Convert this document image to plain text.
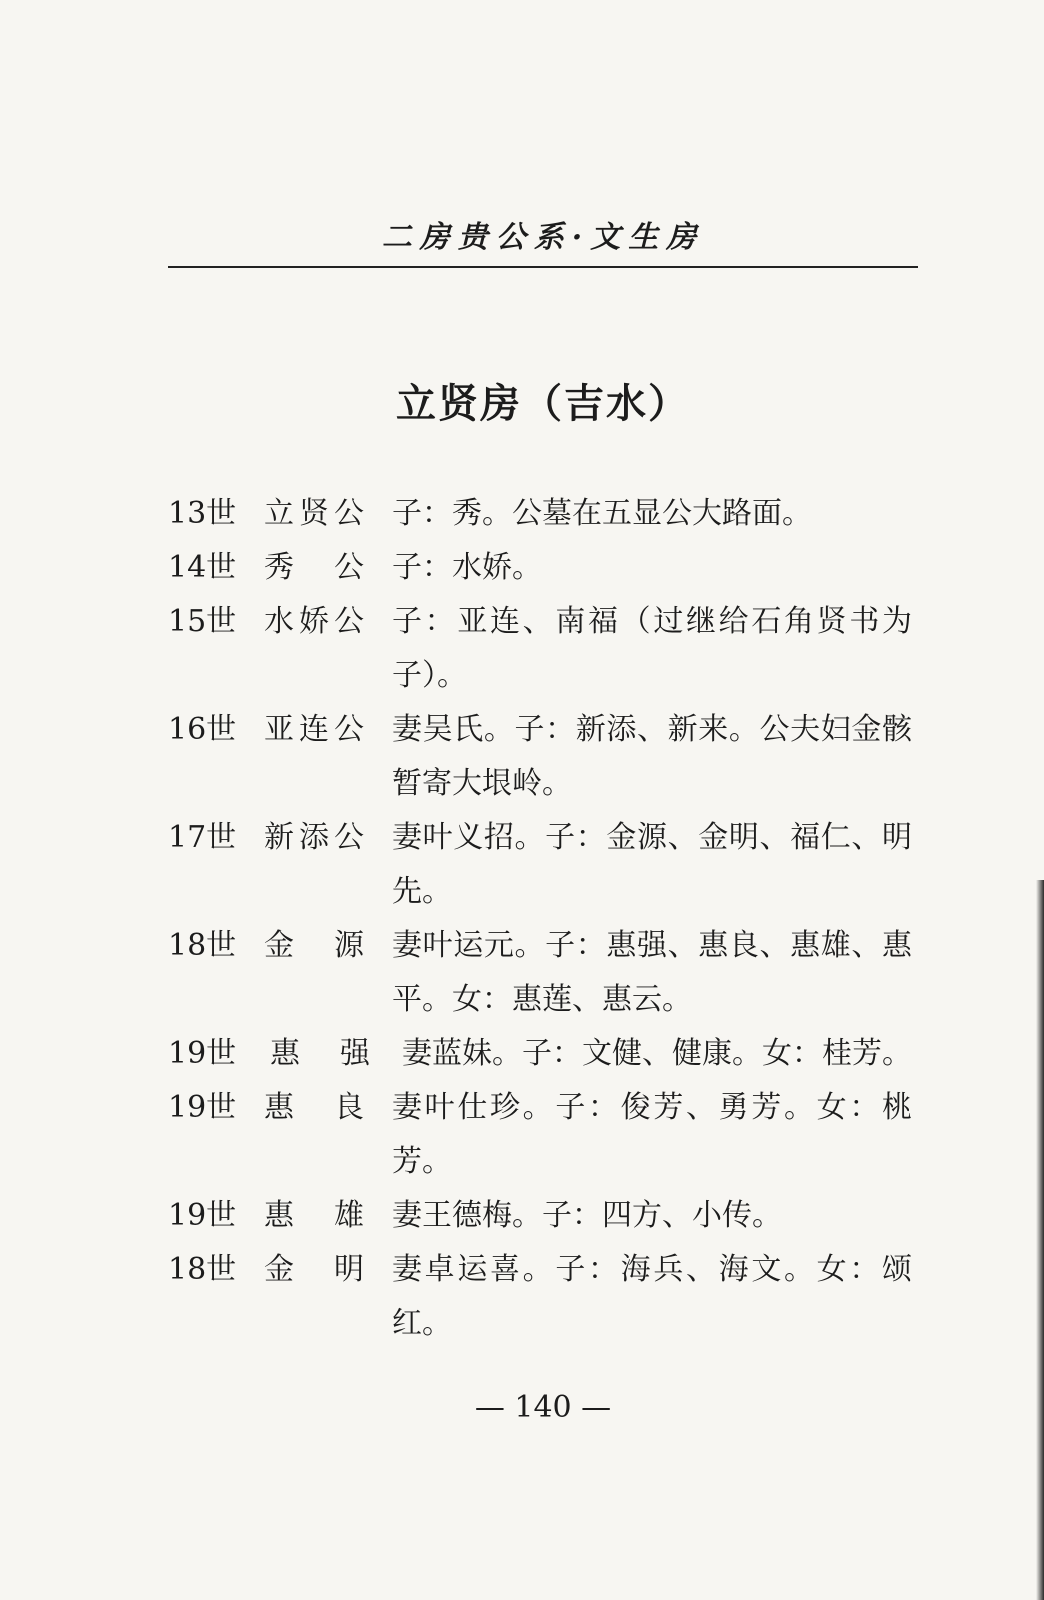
二房贵公系·文生房
立贤房（吉水）
13世 立贤公 子：秀。公墓在五显公大路面。
14世 秀　公 子：水娇。
15世 水娇公 子：亚连、南福（过继给石角贤书为子）。
16世 亚连公 妻吴氏。子：新添、新来。公夫妇金骸暂寄大垠岭。
17世 新添公 妻叶义招。子：金源、金明、福仁、明先。
18世 金　源 妻叶运元。子：惠强、惠良、惠雄、惠平。女：惠莲、惠云。
19世	惠　强 妻蓝妹。子：文健、健康。女：桂芳。
19世 惠　良 妻叶仕珍。子：俊芳、勇芳。女：桃芳。
19世 惠　雄 妻王德梅。子：四方、小传。
18世 金　明 妻卓运喜。子：海兵、海文。女：颂红。
— 140 —
